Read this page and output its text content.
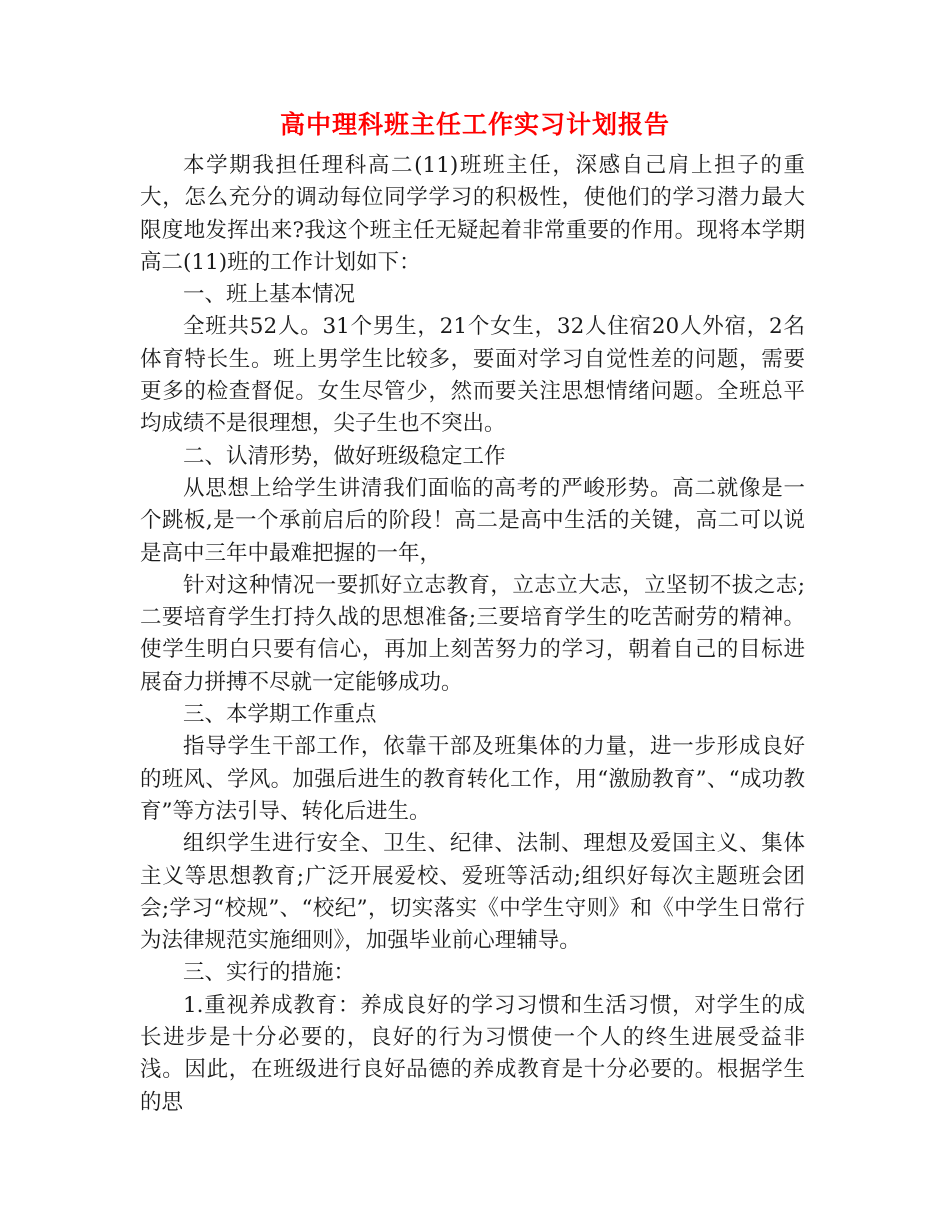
高中理科班主任工作实习计划报告

本学期我担任理科高二(11)班班主任，深感自己肩上担子的重大，怎么充分的调动每位同学学习的积极性，使他们的学习潜力最大限度地发挥出来?我这个班主任无疑起着非常重要的作用。现将本学期高二(11)班的工作计划如下：

一、班上基本情况

全班共52人。31个男生，21个女生，32人住宿20人外宿，2名体育特长生。班上男学生比较多，要面对学习自觉性差的问题，需要更多的检查督促。女生尽管少，然而要关注思想情绪问题。全班总平均成绩不是很理想，尖子生也不突出。

二、认清形势，做好班级稳定工作

从思想上给学生讲清我们面临的高考的严峻形势。高二就像是一个跳板,是一个承前启后的阶段！高二是高中生活的关键，高二可以说是高中三年中最难把握的一年，

针对这种情况一要抓好立志教育，立志立大志，立坚韧不拔之志;二要培育学生打持久战的思想准备;三要培育学生的吃苦耐劳的精神。使学生明白只要有信心，再加上刻苦努力的学习，朝着自己的目标进展奋力拼搏不尽就一定能够成功。

三、本学期工作重点

指导学生干部工作，依靠干部及班集体的力量，进一步形成良好的班风、学风。加强后进生的教育转化工作，用“激励教育”、“成功教育”等方法引导、转化后进生。

组织学生进行安全、卫生、纪律、法制、理想及爱国主义、集体主义等思想教育;广泛开展爱校、爱班等活动;组织好每次主题班会团会;学习“校规”、“校纪”，切实落实《中学生守则》和《中学生日常行为法律规范实施细则》，加强毕业前心理辅导。

三、实行的措施：

1.重视养成教育：养成良好的学习习惯和生活习惯，对学生的成长进步是十分必要的，良好的行为习惯使一个人的终生进展受益非浅。因此，在班级进行良好品德的养成教育是十分必要的。根据学生的思
